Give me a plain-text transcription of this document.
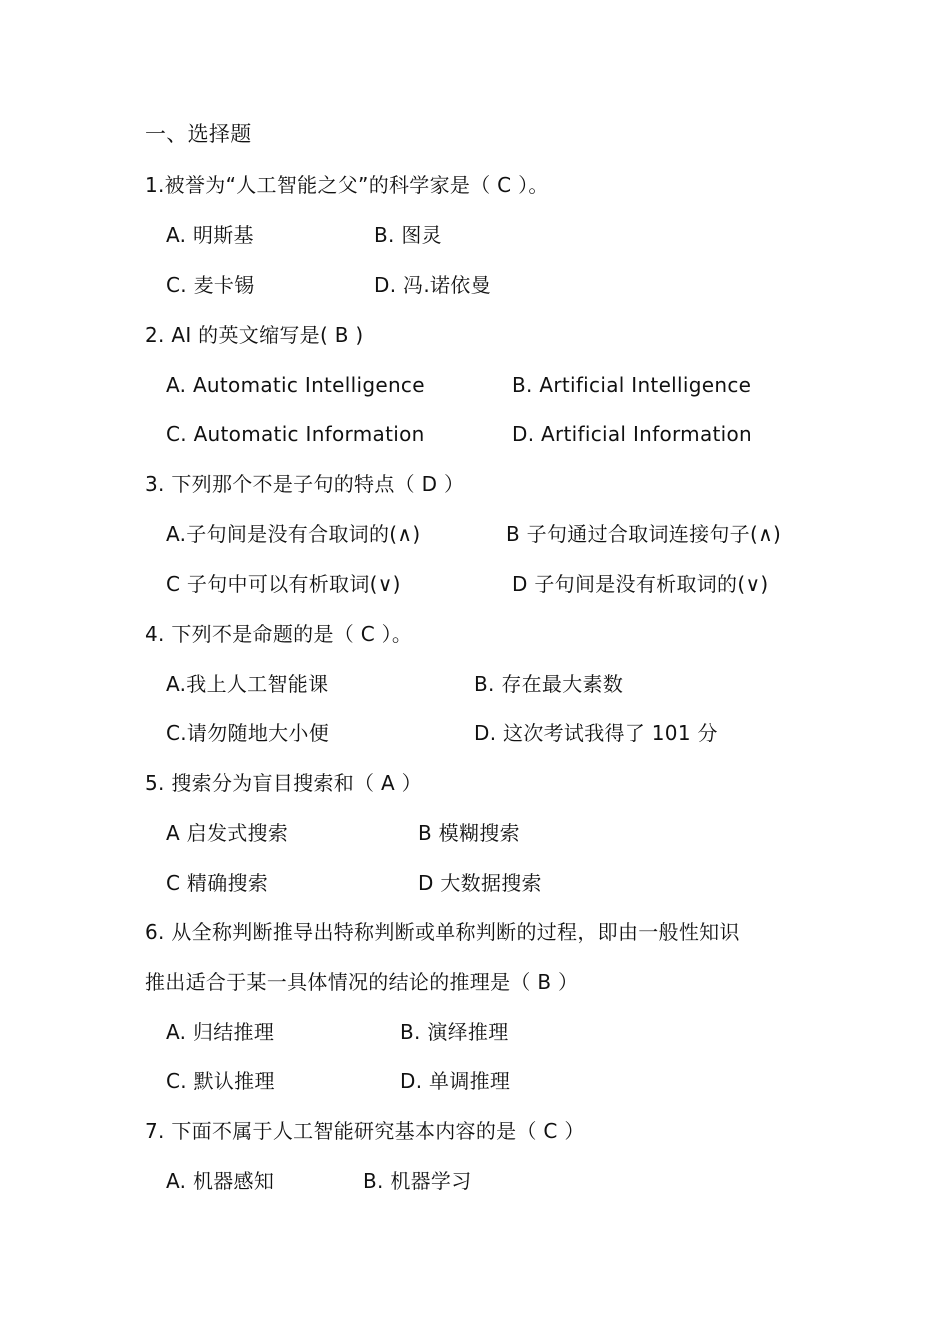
一、选择题
1.被誉为“人工智能之父”的科学家是（ C ）。
A. 明斯基	B. 图灵
C. 麦卡锡	D. 冯.诺依曼
2. AI 的英文缩写是( B )
A. Automatic Intelligence	B. Artificial Intelligence
C. Automatic Information	D. Artificial Information
3. 下列那个不是子句的特点（ D ）
A.子句间是没有合取词的(∧)	B 子句通过合取词连接句子(∧)
C 子句中可以有析取词(∨)	D 子句间是没有析取词的(∨)
4. 下列不是命题的是（ C ）。
A.我上人工智能课	B. 存在最大素数
C.请勿随地大小便	D. 这次考试我得了 101 分
5. 搜索分为盲目搜索和（ A ）
A 启发式搜索	B 模糊搜索
C 精确搜索	D 大数据搜索
6. 从全称判断推导出特称判断或单称判断的过程，即由一般性知识
推出适合于某一具体情况的结论的推理是（ B ）
A. 归结推理	B. 演绎推理
C. 默认推理	D. 单调推理
7. 下面不属于人工智能研究基本内容的是（ C ）
A. 机器感知	B. 机器学习
